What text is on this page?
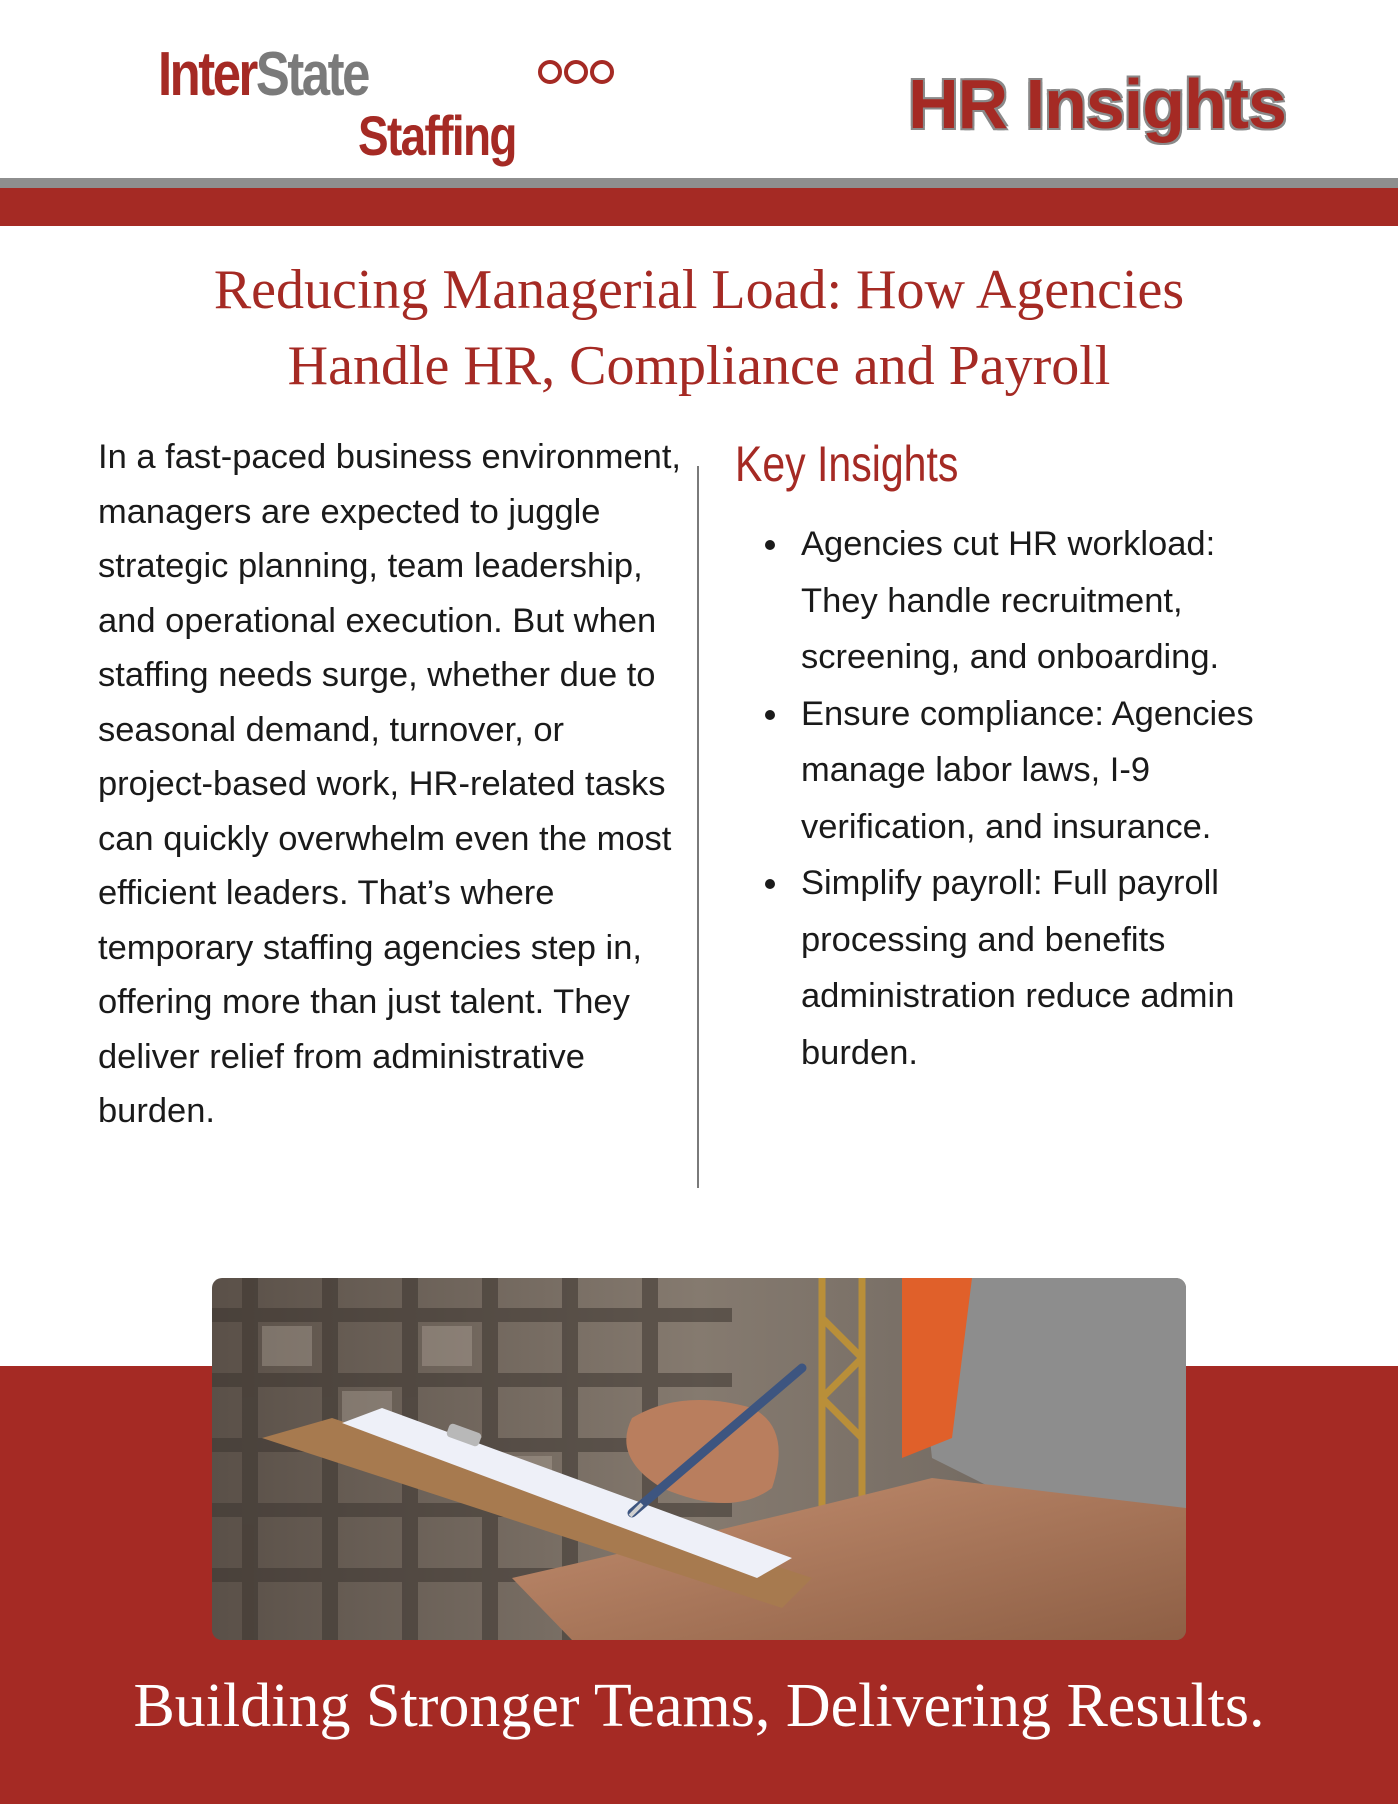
InterState
Staffing	HR Insights
Reducing Managerial Load: How Agencies
Handle HR, Compliance and Payroll
In a fast-paced business environment, managers are expected to juggle strategic planning, team leadership, and operational execution. But when staffing needs surge, whether due to seasonal demand, turnover, or project-based work, HR-related tasks can quickly overwhelm even the most efficient leaders. That’s where temporary staffing agencies step in, offering more than just talent. They deliver relief from administrative burden.
Key Insights
Agencies cut HR workload: They handle recruitment, screening, and onboarding.
Ensure compliance: Agencies manage labor laws, I-9 verification, and insurance.
Simplify payroll: Full payroll processing and benefits administration reduce admin burden.
Building Stronger Teams, Delivering Results.
